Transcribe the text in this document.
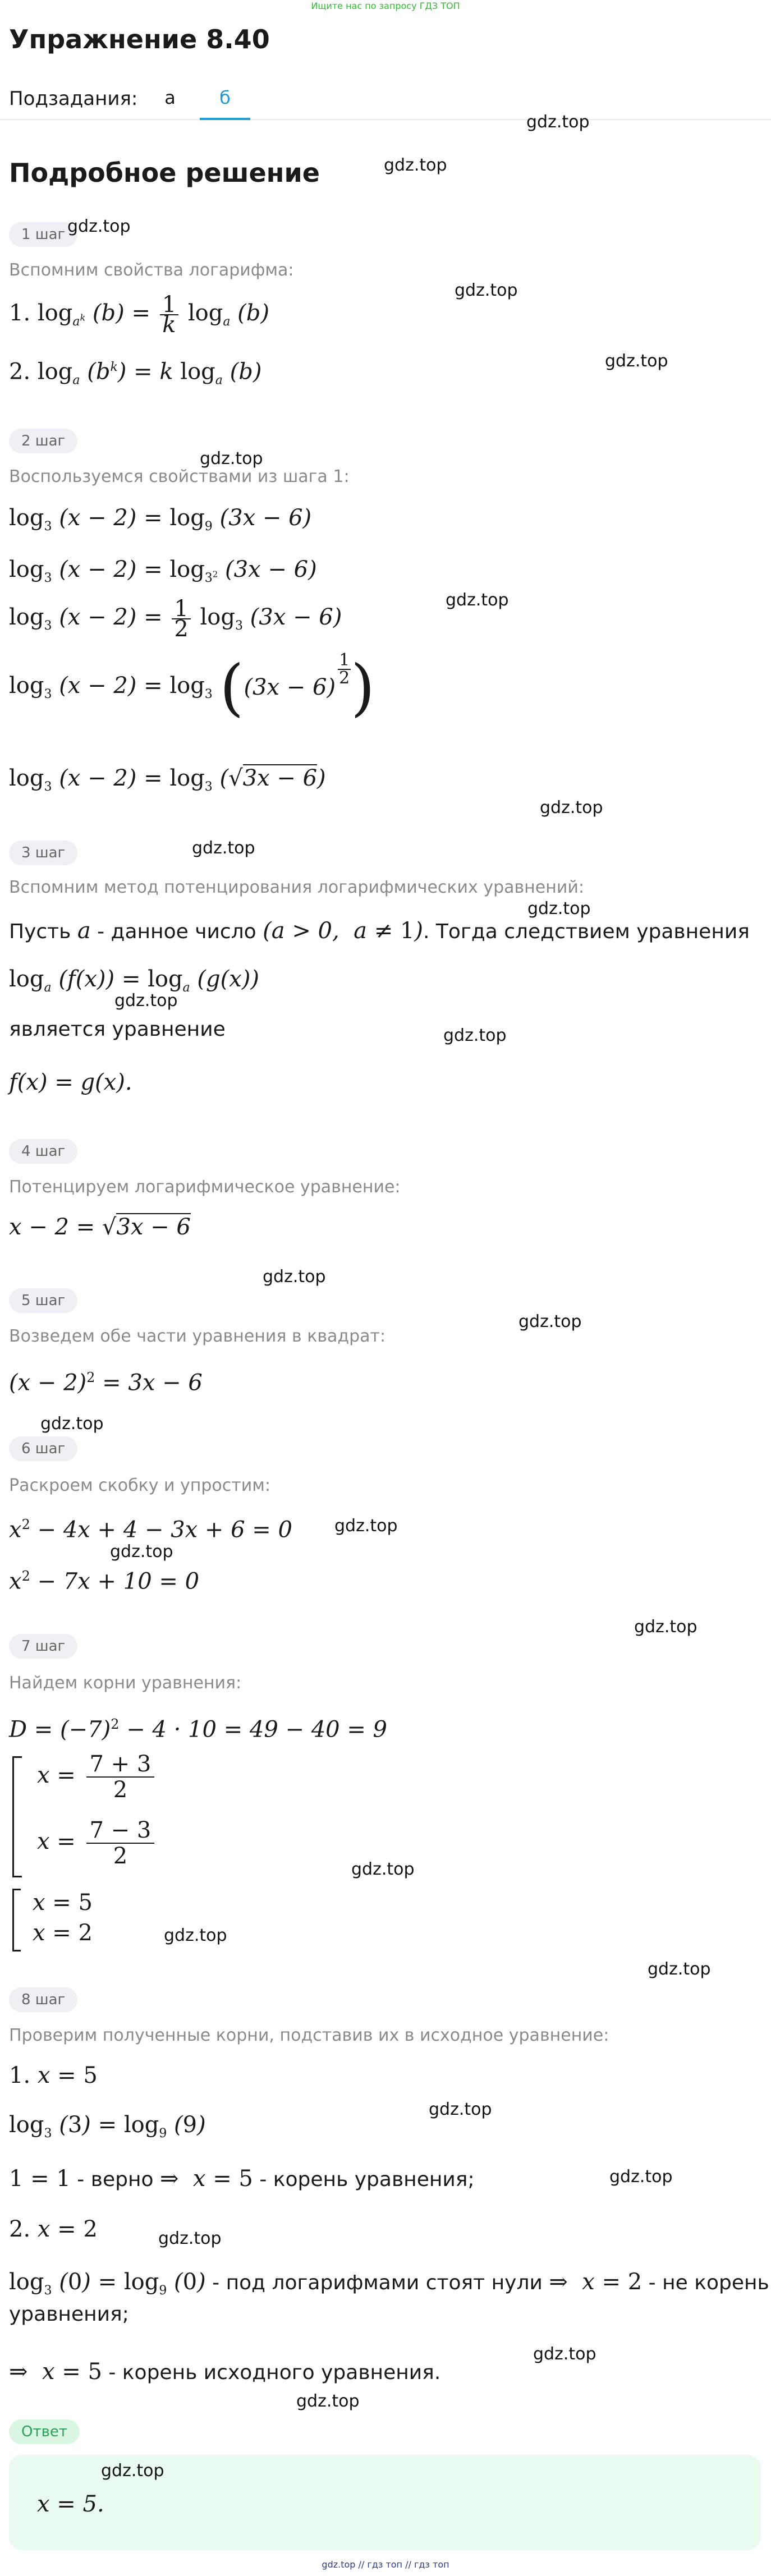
Ищите нас по запросу ГДЗ ТОП
Упражнение 8.40
Подзадания:	а	б
gdz.top
Подробное решение	gdz.top
1 шаг gdz.top
Вспомним свойства логарифма:
gdz.top
1. $\log_{a^k} (b) = \frac{1}{k} \log_a (b)$
2. $\log_a (b^k) = k$ $\log_a (b)$	gdz.top
2 шаг
gdz.top
Воспользуемся свойствами из шага 1:
$\log_3 (x - 2) = \log_9 (3x - 6)$
$\log_3 (x - 2) = \log_{3^2} (3x - 6)$
gdz.top
$\log_3 (x - 2) = \frac{1}{2} \log_3 (3x - 6)$
$\log_3 (x - 2) = \log_3 ((3x - 6)$
$\frac{1}{2}$ )
$\log_3 (x - 2) = \log_3 (√3x - 6)$
gdz.top
3 шаг	gdz.top
Вспомним метод потенцирования логарифмических уравнений:
gdz.top
Пусть a - данное число (a > 0,  a ≠ 1). Тогда следствием уравнения
$\log_a (f(x)) = \log_a (g(x))$
gdz.top
является уравнение	gdz.top
f(x) = g(x).
4 шаг
Потенцируем логарифмическое уравнение:
x − 2 = √3x − 6
gdz.top
5 шаг
gdz.top
Возведем обе части уравнения в квадрат:
$(x - 2)^2 = 3x - 6$
gdz.top
6 шаг
Раскроем скобку и упростим:
$x^2 - 4x + 4 - 3x + 6 = 0$	gdz.top
gdz.top
$x^2 - 7x + 10 = 0$
gdz.top
7 шаг
Найдем корни уравнения:
$D = (-7)^2 - 4 \cdot 10 = 49 - 40 = 9$
$x = \frac{7 + 3}{2}$
$x = \frac{7 - 3}{2}$
gdz.top
x = 5
x = 2	gdz.top
gdz.top
8 шаг
Проверим полученные корни, подставив их в исходное уравнение:
1. x = 5
gdz.top
$\log_3 (3) = \log_9 (9)$
1 = 1 - верно ⇒  x = 5 - корень уравнения;	gdz.top
2. x = 2	gdz.top
$\log_3 (0) = \log_9 (0)$ - под логарифмами стоят нули ⇒  x = 2 - не корень
уравнения;
gdz.top
⇒  x = 5 - корень исходного уравнения.
gdz.top
Ответ
gdz.top
x = 5.
gdz.top // гдз топ // гдз топ
